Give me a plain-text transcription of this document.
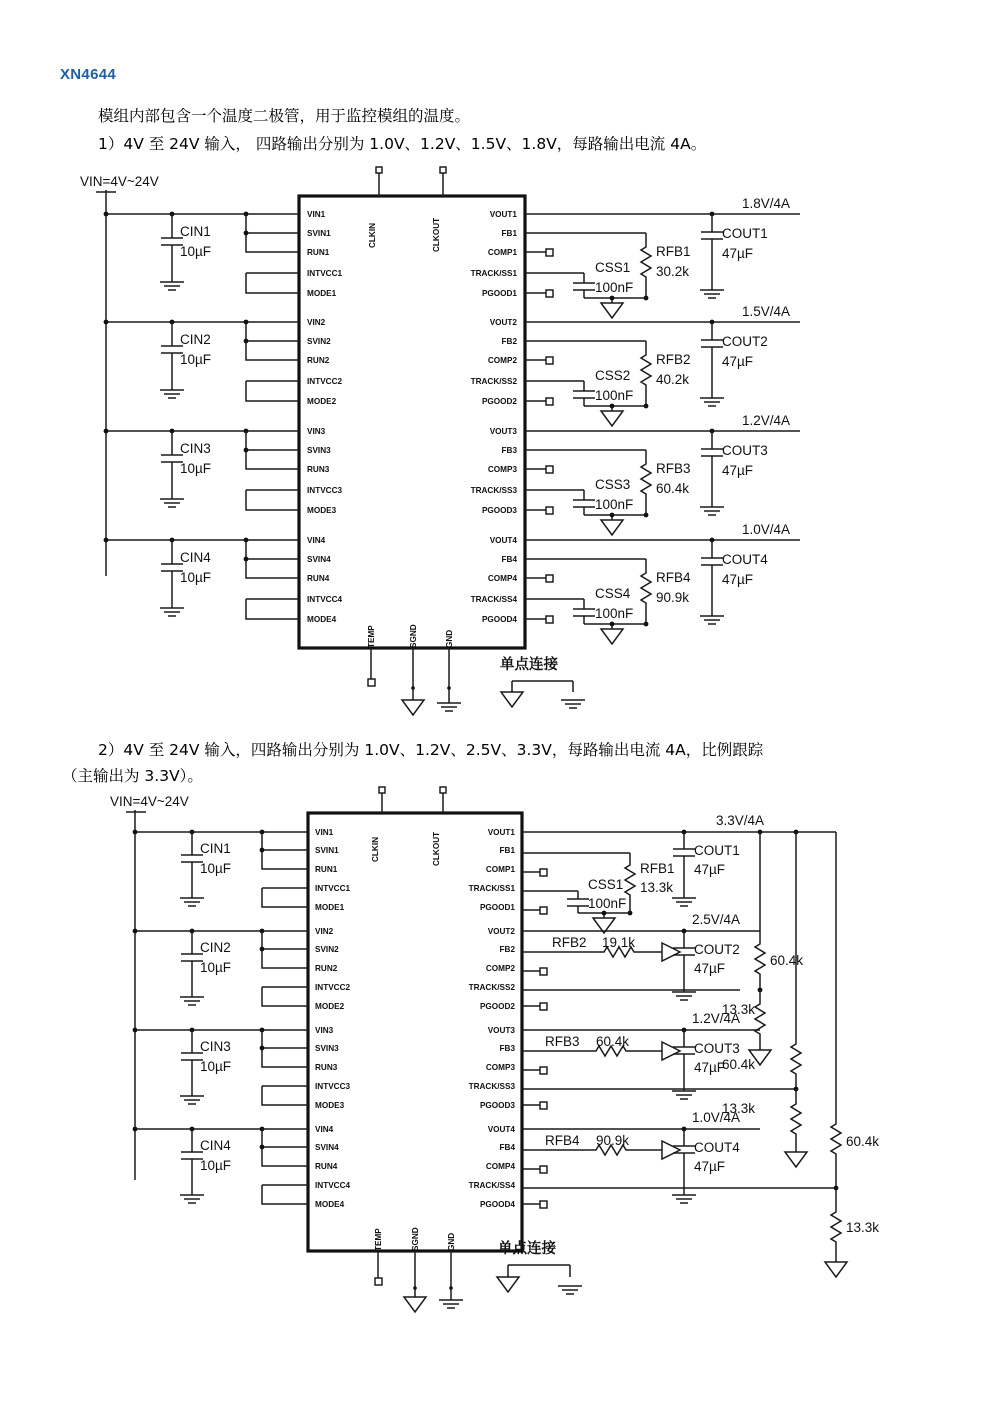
XN4644
模组内部包含一个温度二极管，用于监控模组的温度。
1）4V 至 24V 输入， 四路输出分别为 1.0V、1.2V、1.5V、1.8V，每路输出电流 4A。
2）4V 至 24V 输入，四路输出分别为 1.0V、1.2V、2.5V、3.3V，每路输出电流 4A，比例跟踪
（主输出为 3.3V）。
CLKIN	CLKOUT
TEMP	SGND	GND
单点连接
VIN=4V~24V
CIN1
10µF
VIN1
SVIN1
RUN1
INTVCC1
MODE1
VOUT1
FB1
COMP1
TRACK/SS1
PGOOD1
1.8V/4A
COUT1
47µF
RFB1
30.2k
CSS1
100nF
CIN2
10µF
VIN2
SVIN2
RUN2
INTVCC2
MODE2
VOUT2
FB2
COMP2
TRACK/SS2
PGOOD2
1.5V/4A
COUT2
47µF
RFB2
40.2k
CSS2
100nF
CIN3
10µF
VIN3
SVIN3
RUN3
INTVCC3
MODE3
VOUT3
FB3
COMP3
TRACK/SS3
PGOOD3
1.2V/4A
COUT3
47µF
RFB3
60.4k
CSS3
100nF
CIN4
10µF
VIN4
SVIN4
RUN4
INTVCC4
MODE4
VOUT4
FB4
COMP4
TRACK/SS4
PGOOD4
1.0V/4A
COUT4
47µF
RFB4
90.9k
CSS4
100nF
CLKIN	CLKOUT
TEMP	SGND	GND	单点连接
VIN=4V~24V
CIN1
10µF
VIN1
SVIN1
RUN1
INTVCC1
MODE1
VOUT1
FB1
COMP1
TRACK/SS1
PGOOD1
3.3V/4A
COUT1
47µF
RFB1
13.3k
CSS1
100nF
CIN2
10µF
VIN2
SVIN2
RUN2
INTVCC2
MODE2
VOUT2
FB2
COMP2
TRACK/SS2
PGOOD2
2.5V/4A
COUT2
47µF
RFB2 19.1k
CIN3
10µF
VIN3
SVIN3
RUN3
INTVCC3
MODE3
VOUT3
FB3
COMP3
TRACK/SS3
PGOOD3
1.2V/4A
COUT3
47µF
RFB3 60.4k
CIN4
10µF
VIN4
SVIN4
RUN4
INTVCC4
MODE4
VOUT4
FB4
COMP4
TRACK/SS4
PGOOD4
1.0V/4A
COUT4
47µF
RFB4 90.9k
60.4k
13.3k
60.4k
13.3k
60.4k
13.3k
